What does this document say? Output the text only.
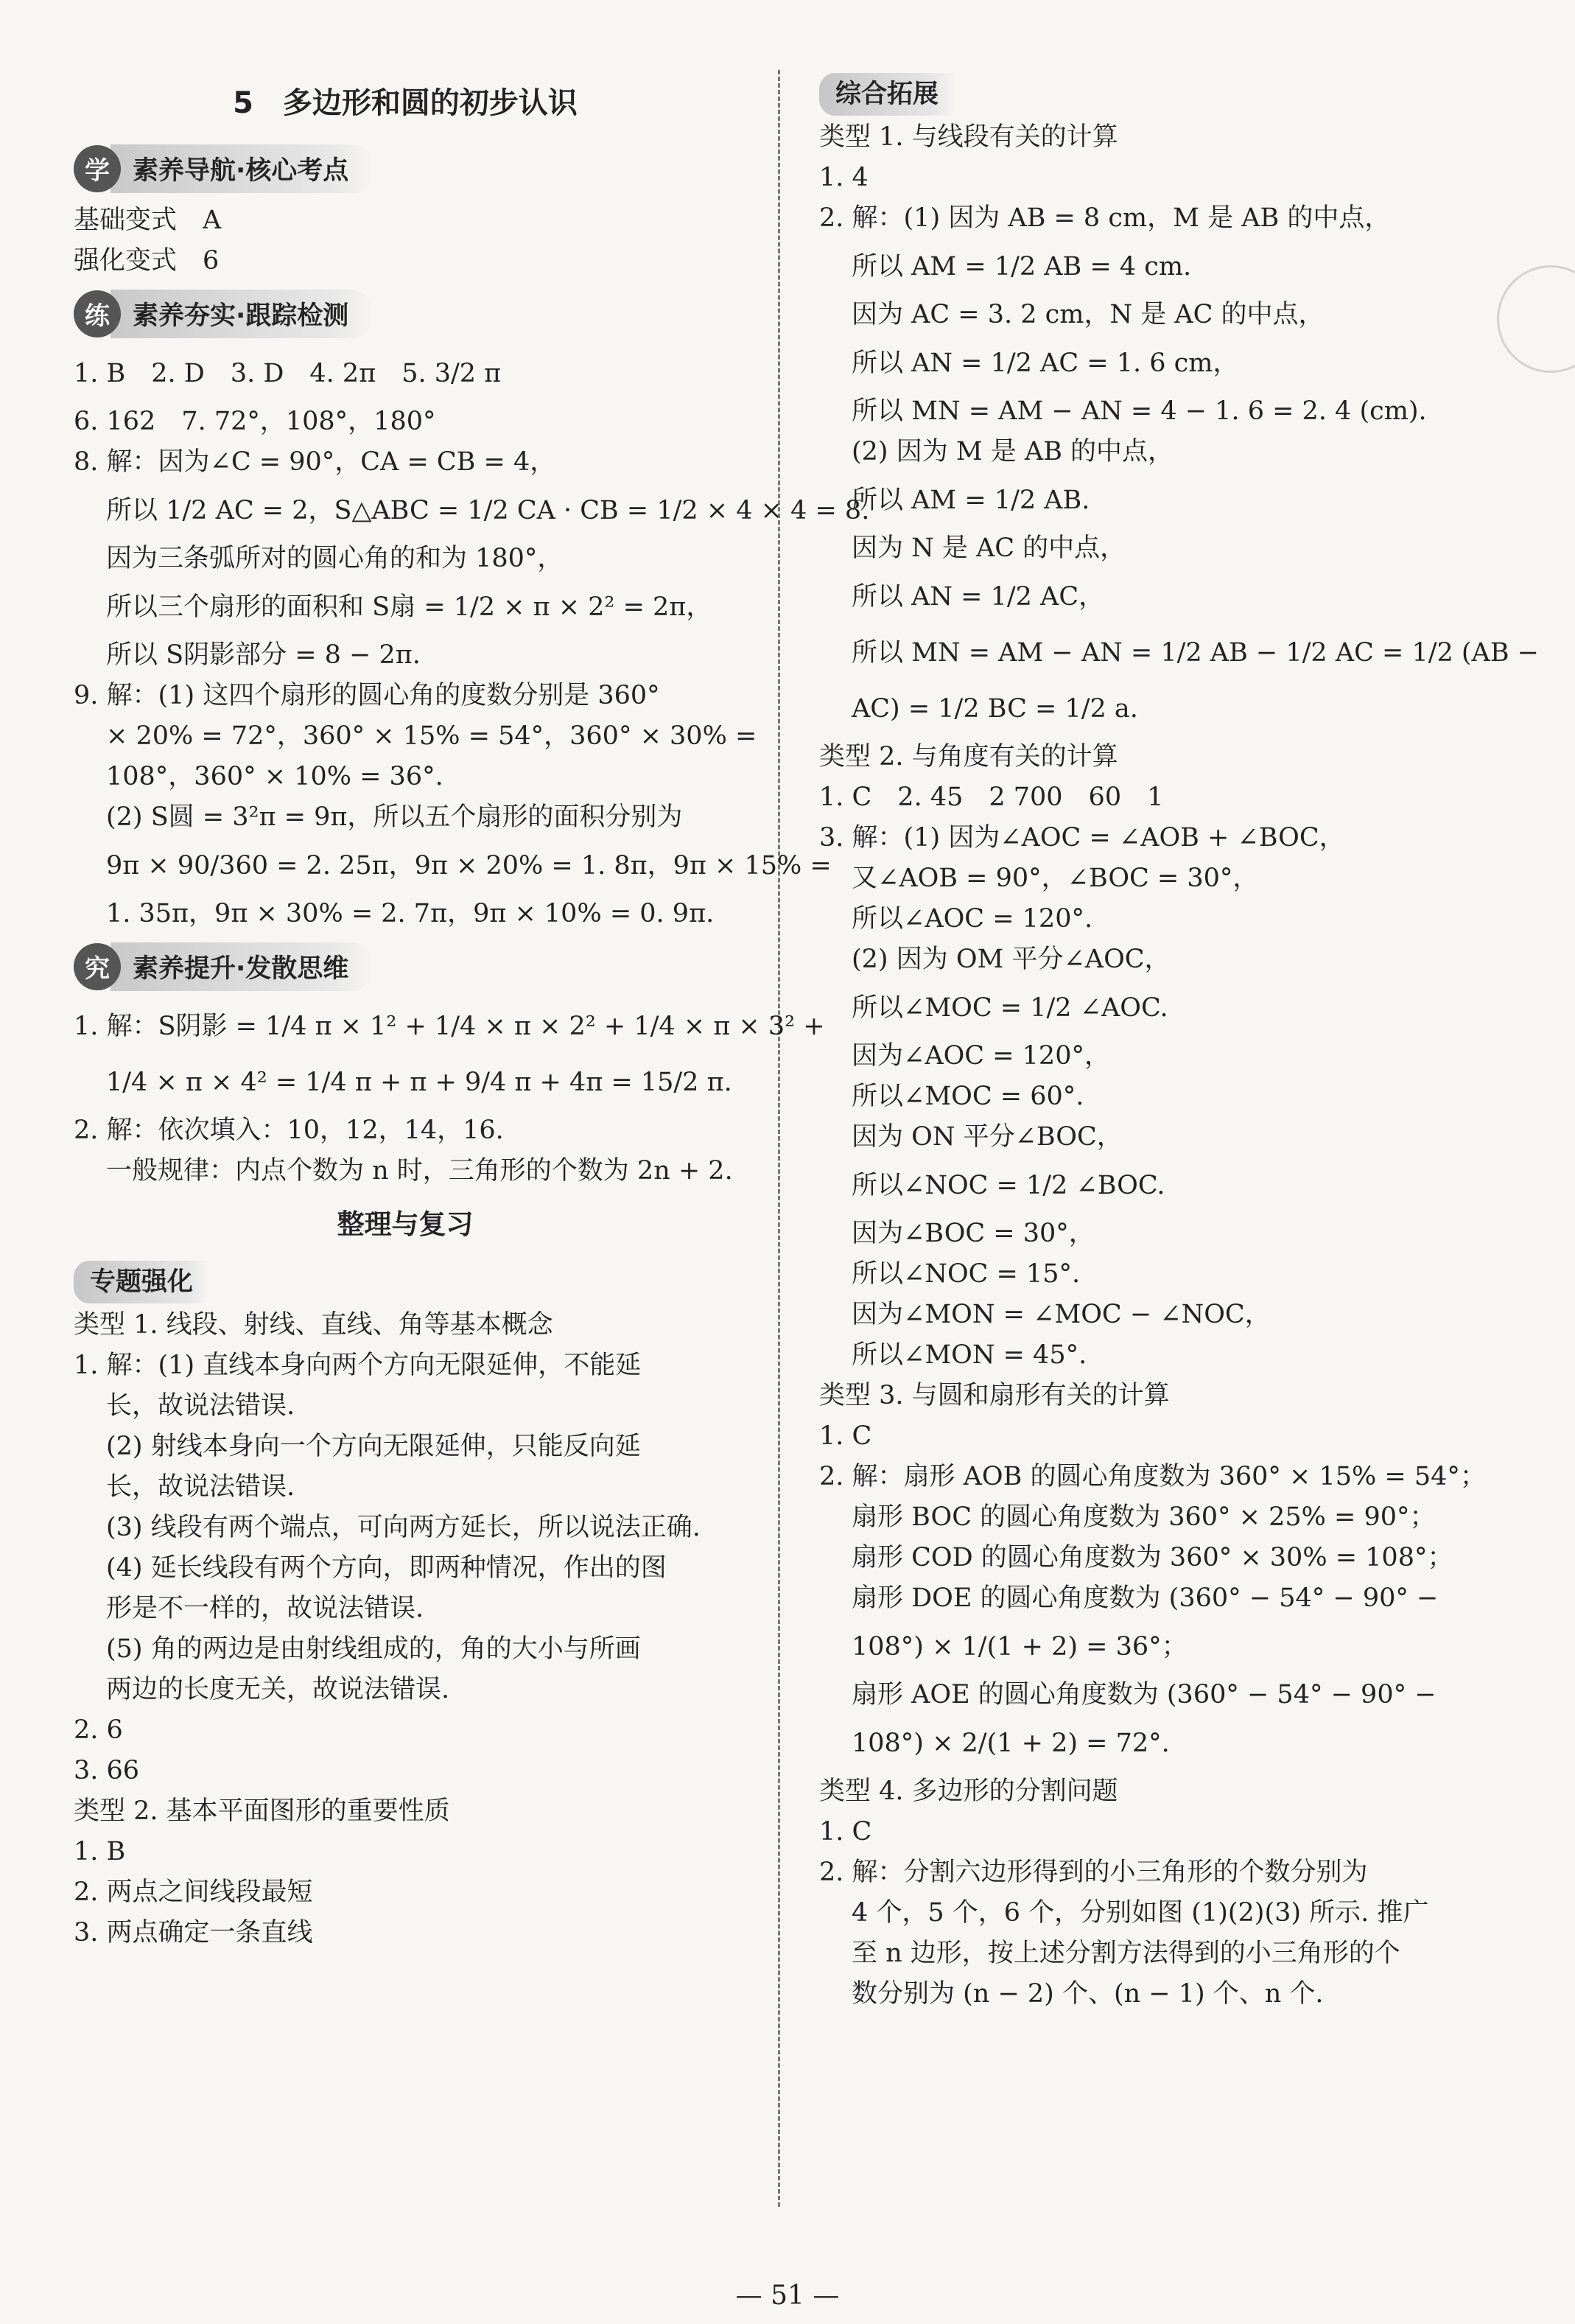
5　多边形和圆的初步认识
学 素养导航·核心考点
基础变式　A
强化变式　6
练 素养夯实·跟踪检测
1. B　2. D　3. D　4. 2π　5. 3/2 π
6. 162　7. 72°，108°，180°
8. 解：因为∠C = 90°，CA = CB = 4，
所以 1/2 AC = 2，S△ABC = 1/2 CA · CB = 1/2 × 4 × 4 = 8.
因为三条弧所对的圆心角的和为 180°，
所以三个扇形的面积和 S扇 = 1/2 × π × 2² = 2π，
所以 S阴影部分 = 8 − 2π.
9. 解：(1) 这四个扇形的圆心角的度数分别是 360°
× 20% = 72°，360° × 15% = 54°，360° × 30% =
108°，360° × 10% = 36°.
(2) S圆 = 3²π = 9π，所以五个扇形的面积分别为
9π × 90/360 = 2. 25π，9π × 20% = 1. 8π，9π × 15% =
1. 35π，9π × 30% = 2. 7π，9π × 10% = 0. 9π.
究 素养提升·发散思维
1. 解：S阴影 = 1/4 π × 1² + 1/4 × π × 2² + 1/4 × π × 3² +
1/4 × π × 4² = 1/4 π + π + 9/4 π + 4π = 15/2 π.
2. 解：依次填入：10，12，14，16.
一般规律：内点个数为 n 时，三角形的个数为 2n + 2.
整理与复习
专题强化
类型 1. 线段、射线、直线、角等基本概念
1. 解：(1) 直线本身向两个方向无限延伸，不能延
长，故说法错误.
(2) 射线本身向一个方向无限延伸，只能反向延
长，故说法错误.
(3) 线段有两个端点，可向两方延长，所以说法正确.
(4) 延长线段有两个方向，即两种情况，作出的图
形是不一样的，故说法错误.
(5) 角的两边是由射线组成的，角的大小与所画
两边的长度无关，故说法错误.
2. 6
3. 66
类型 2. 基本平面图形的重要性质
1. B
2. 两点之间线段最短
3. 两点确定一条直线
综合拓展
类型 1. 与线段有关的计算
1. 4
2. 解：(1) 因为 AB = 8 cm，M 是 AB 的中点，
所以 AM = 1/2 AB = 4 cm.
因为 AC = 3. 2 cm，N 是 AC 的中点，
所以 AN = 1/2 AC = 1. 6 cm，
所以 MN = AM − AN = 4 − 1. 6 = 2. 4 (cm).
(2) 因为 M 是 AB 的中点，
所以 AM = 1/2 AB.
因为 N 是 AC 的中点，
所以 AN = 1/2 AC，
所以 MN = AM − AN = 1/2 AB − 1/2 AC = 1/2 (AB −
AC) = 1/2 BC = 1/2 a.
类型 2. 与角度有关的计算
1. C　2. 45　2 700　60　1
3. 解：(1) 因为∠AOC = ∠AOB + ∠BOC，
又∠AOB = 90°，∠BOC = 30°，
所以∠AOC = 120°.
(2) 因为 OM 平分∠AOC，
所以∠MOC = 1/2 ∠AOC.
因为∠AOC = 120°，
所以∠MOC = 60°.
因为 ON 平分∠BOC，
所以∠NOC = 1/2 ∠BOC.
因为∠BOC = 30°，
所以∠NOC = 15°.
因为∠MON = ∠MOC − ∠NOC，
所以∠MON = 45°.
类型 3. 与圆和扇形有关的计算
1. C
2. 解：扇形 AOB 的圆心角度数为 360° × 15% = 54°；
扇形 BOC 的圆心角度数为 360° × 25% = 90°；
扇形 COD 的圆心角度数为 360° × 30% = 108°；
扇形 DOE 的圆心角度数为 (360° − 54° − 90° −
108°) × 1/(1 + 2) = 36°；
扇形 AOE 的圆心角度数为 (360° − 54° − 90° −
108°) × 2/(1 + 2) = 72°.
类型 4. 多边形的分割问题
1. C
2. 解：分割六边形得到的小三角形的个数分别为
4 个，5 个，6 个，分别如图 (1)(2)(3) 所示. 推广
至 n 边形，按上述分割方法得到的小三角形的个
数分别为 (n − 2) 个、(n − 1) 个、n 个.
— 51 —
